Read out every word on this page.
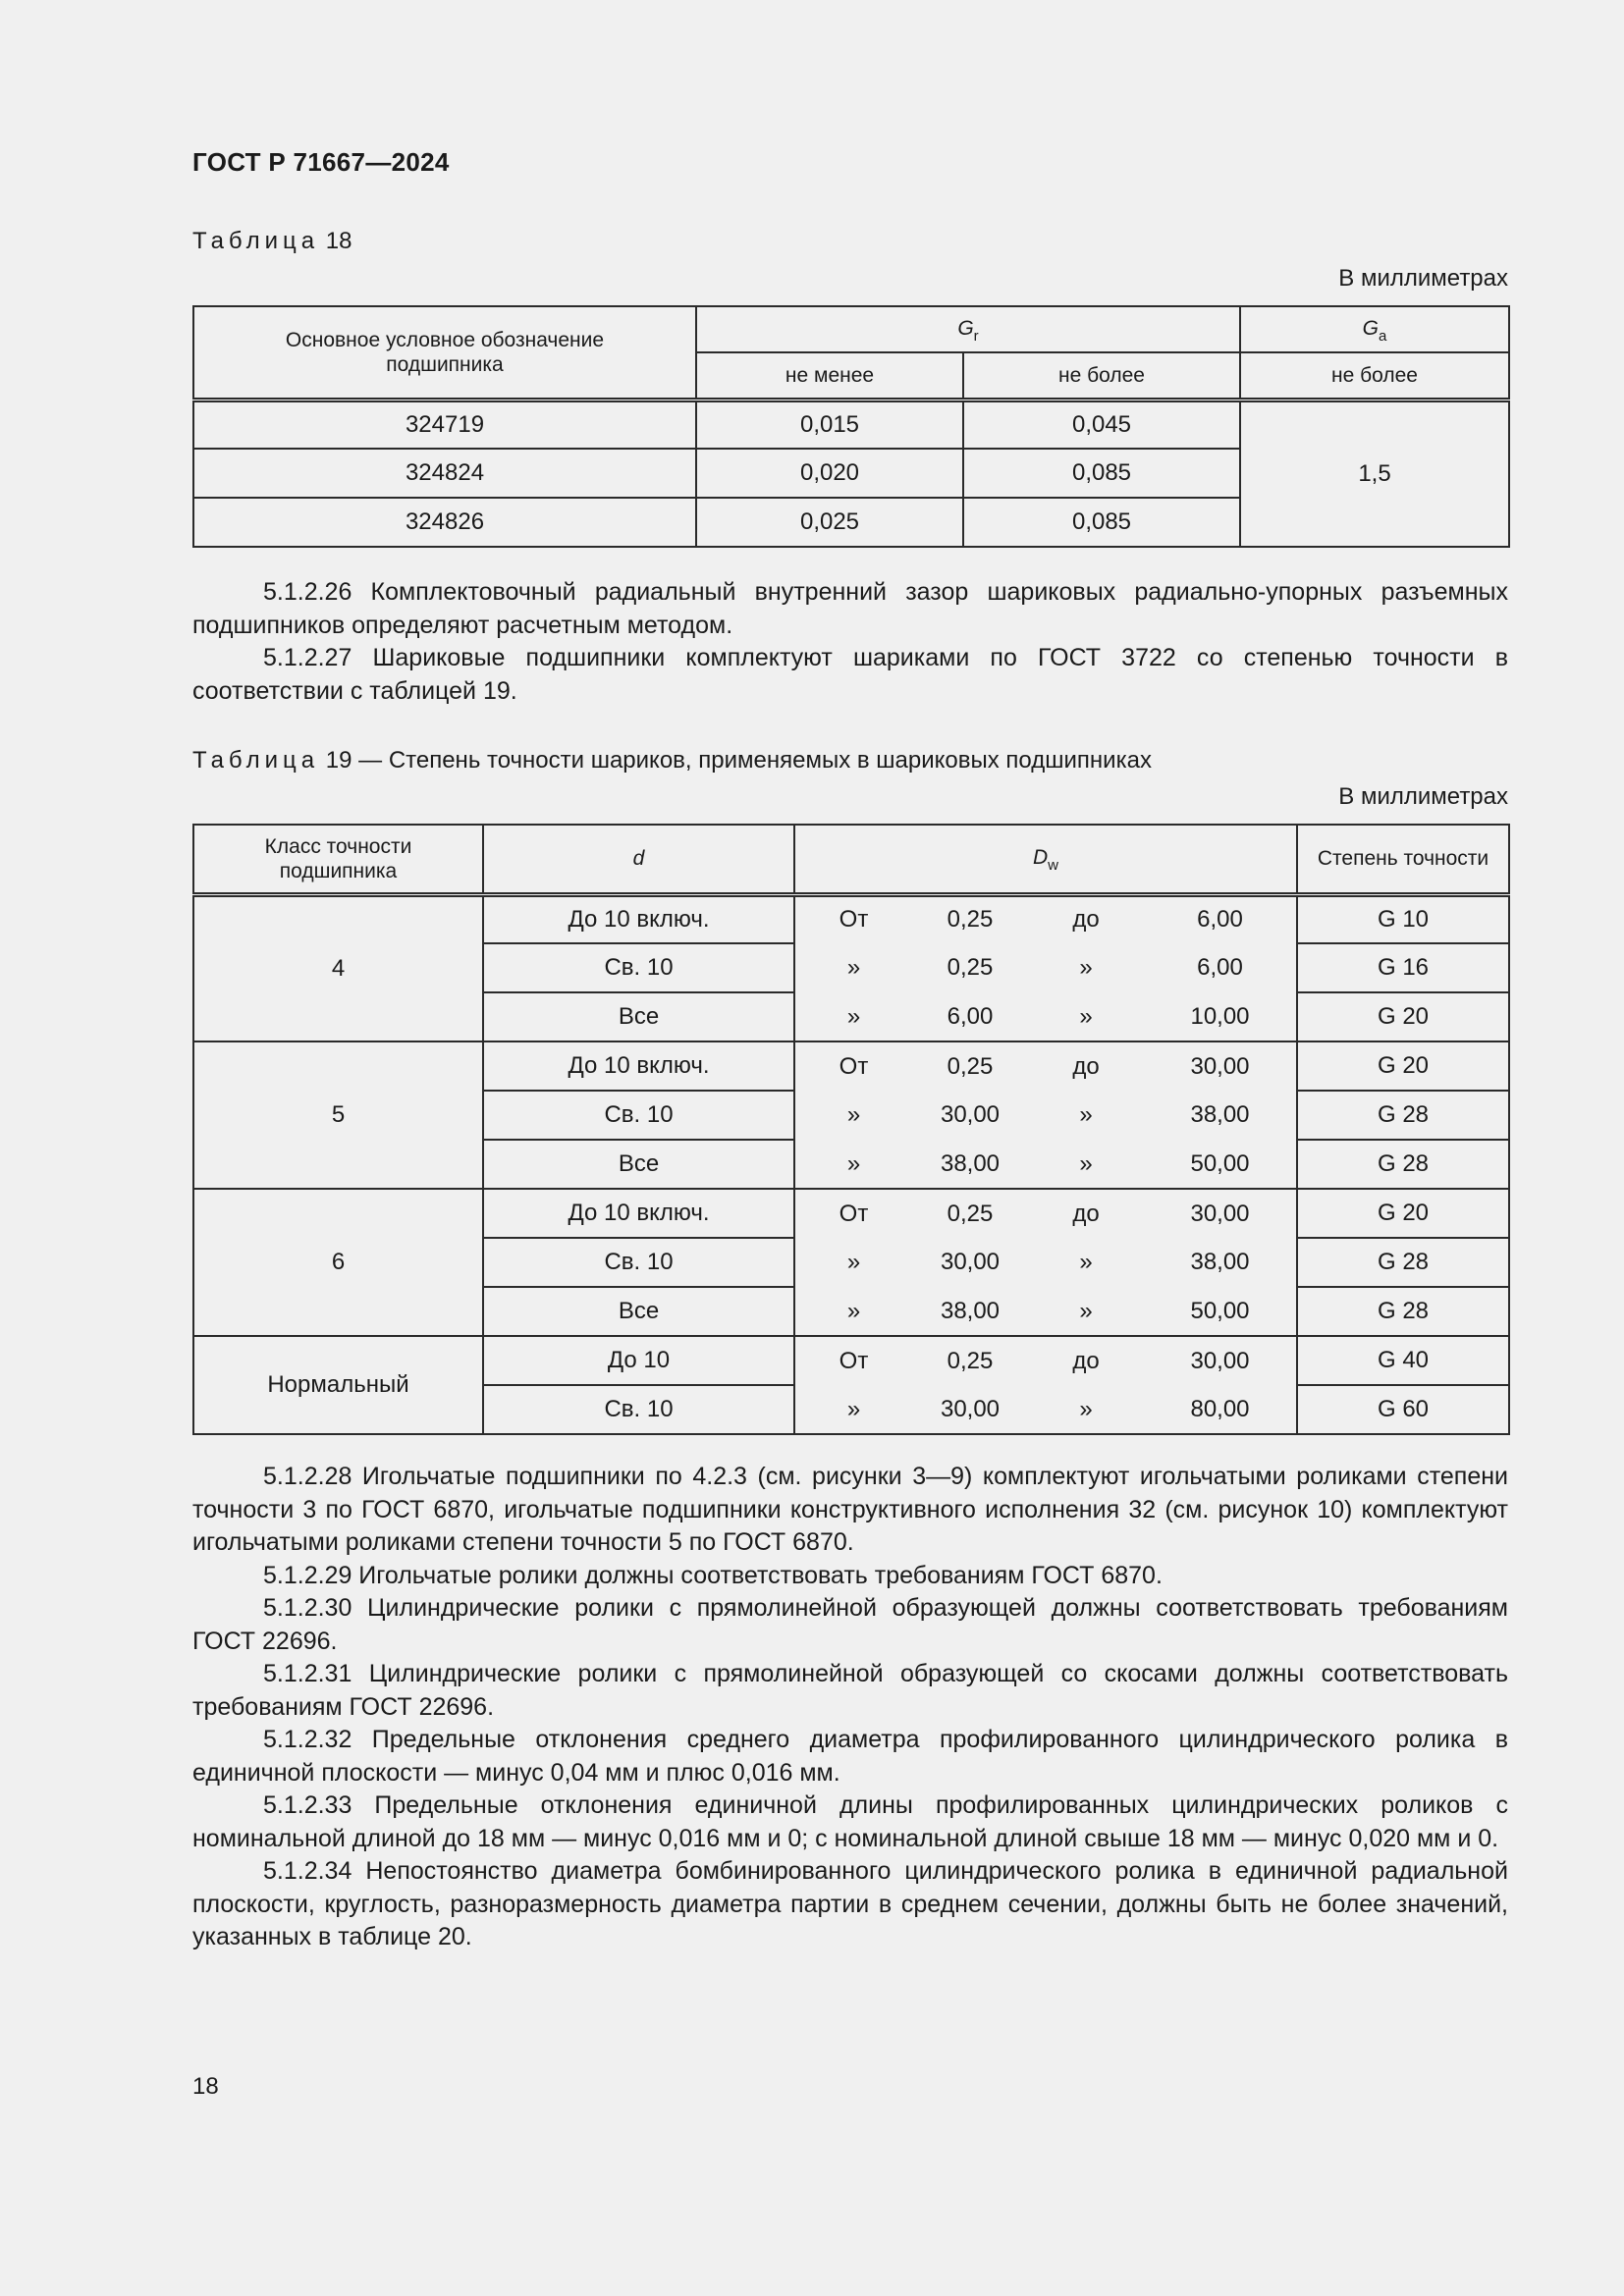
ГОСТ Р 71667—2024
Таблица 18
В миллиметрах
Основное условное обозначение подшипника	$G_r$		$G_a$
	не менее	не более	не более
324719	0,015	0,045	1,5
324824	0,020	0,085	
324826	0,025	0,085	

5.1.2.26 Комплектовочный радиальный внутренний зазор шариковых радиально-упорных разъемных подшипников определяют расчетным методом.

5.1.2.27 Шариковые подшипники комплектуют шариками по ГОСТ 3722 со степенью точности в соответствии с таблицей 19.

Таблица 19 — Степень точности шариков, применяемых в шариковых подшипниках
В миллиметрах
Класс точности подшипника	d	$D_w$				Степень точности
4	До 10 включ.	От	0,25	до	6,00	G 10
	Св. 10	»	0,25	»	6,00	G 16
	Все	»	6,00	»	10,00	G 20
5	До 10 включ.	От	0,25	до	30,00	G 20
	Св. 10	»	30,00	»	38,00	G 28
	Все	»	38,00	»	50,00	G 28
6	До 10 включ.	От	0,25	до	30,00	G 20
	Св. 10	»	30,00	»	38,00	G 28
	Все	»	38,00	»	50,00	G 28
Нормальный	До 10	От	0,25	до	30,00	G 40
	Св. 10	»	30,00	»	80,00	G 60

5.1.2.28 Игольчатые подшипники по 4.2.3 (см. рисунки 3—9) комплектуют игольчатыми роликами степени точности 3 по ГОСТ 6870, игольчатые подшипники конструктивного исполнения 32 (см. рисунок 10) комплектуют игольчатыми роликами степени точности 5 по ГОСТ 6870.

5.1.2.29 Игольчатые ролики должны соответствовать требованиям ГОСТ 6870.

5.1.2.30 Цилиндрические ролики с прямолинейной образующей должны соответствовать требованиям ГОСТ 22696.

5.1.2.31 Цилиндрические ролики с прямолинейной образующей со скосами должны соответствовать требованиям ГОСТ 22696.

5.1.2.32 Предельные отклонения среднего диаметра профилированного цилиндрического ролика в единичной плоскости — минус 0,04 мм и плюс 0,016 мм.

5.1.2.33 Предельные отклонения единичной длины профилированных цилиндрических роликов с номинальной длиной до 18 мм — минус 0,016 мм и 0; с номинальной длиной свыше 18 мм — минус 0,020 мм и 0.

5.1.2.34 Непостоянство диаметра бомбинированного цилиндрического ролика в единичной радиальной плоскости, круглость, разноразмерность диаметра партии в среднем сечении, должны быть не более значений, указанных в таблице 20.

18
